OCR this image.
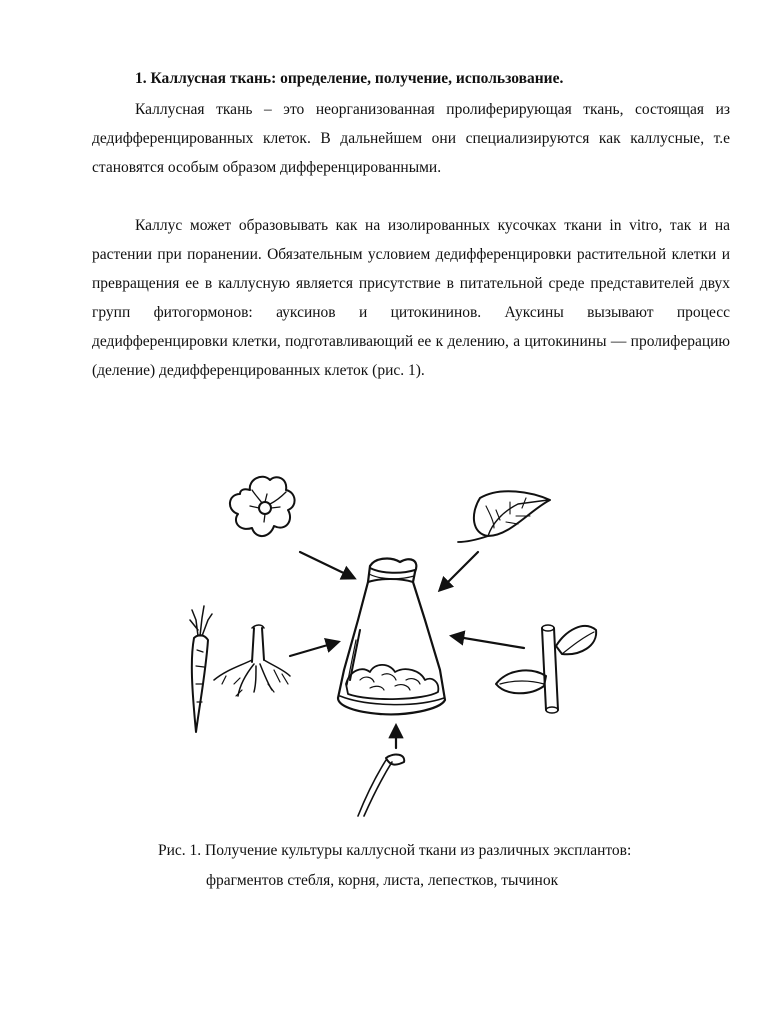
1. Каллусная ткань: определение, получение, использование.
Каллусная ткань – это неорганизованная пролиферирующая ткань, состоящая из дедифференцированных клеток. В дальнейшем они специализируются как каллусные, т.е становятся особым образом дифференцированными.
Каллус может образовывать как на изолированных кусочках ткани in vitro, так и на растении при поранении. Обязательным условием дедифференцировки растительной клетки и превращения ее в каллусную является присутствие в питательной среде представителей двух групп фитогормонов: ауксинов и цитокининов. Ауксины вызывают процесс дедифференцировки клетки, подготавливающий ее к делению, а цитокинины — пролиферацию (деление) дедифференцированных клеток (рис. 1).
Рис. 1. Получение культуры каллусной ткани из различных эксплантов:
фрагментов стебля, корня, листа, лепестков, тычинок
